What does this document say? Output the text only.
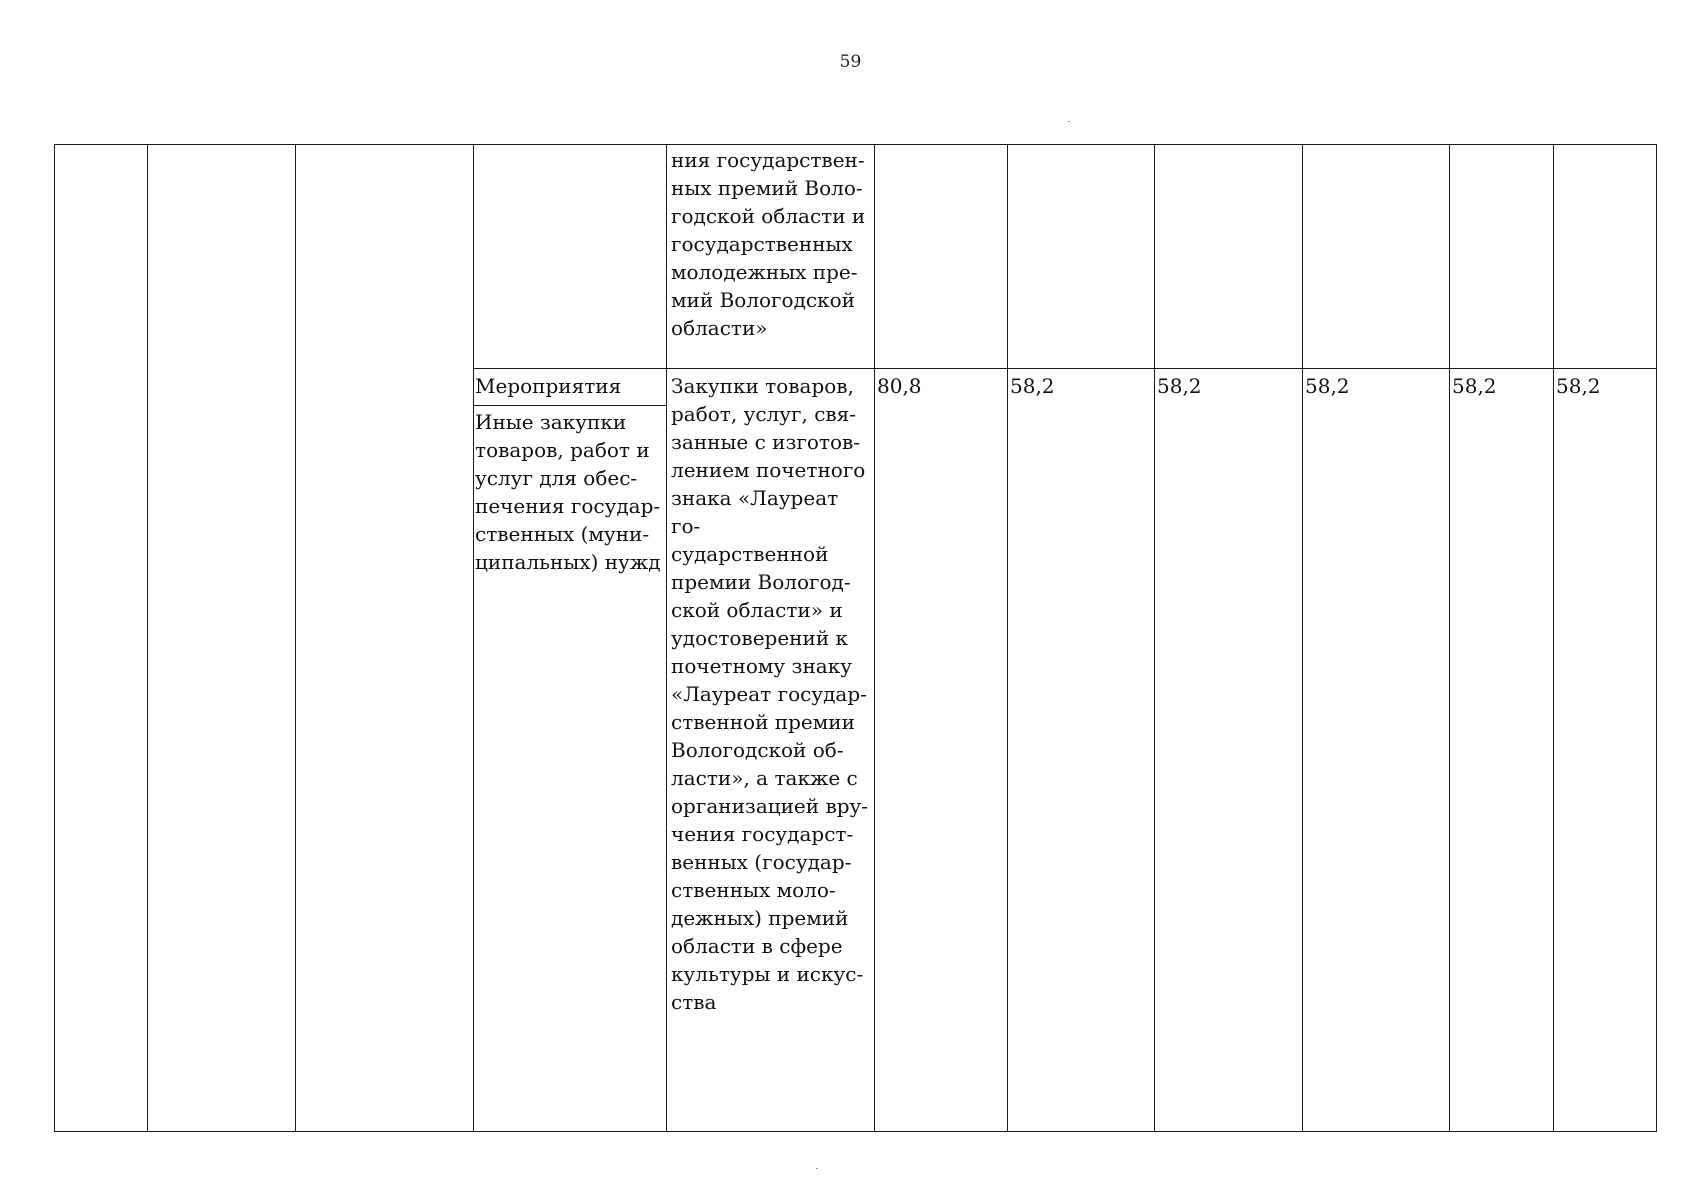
59

ния государствен-
ных премий Воло-
годской области и
государственных
молодежных пре-
мий Вологодской
области»

Мероприятия

Иные закупки
товаров, работ и
услуг для обес-
печения государ-
ственных (муни-
ципальных) нужд

Закупки товаров,
работ, услуг, свя-
занные с изготов-
лением почетного
знака «Лауреат го-
сударственной
премии Вологод-
ской области» и
удостоверений к
почетному знаку
«Лауреат государ-
ственной премии
Вологодской об-
ласти», а также с
организацией вру-
чения государст-
венных (государ-
ственных моло-
дежных) премий
области в сфере
культуры и искус-
ства

80,8	58,2	58,2	58,2	58,2	58,2
